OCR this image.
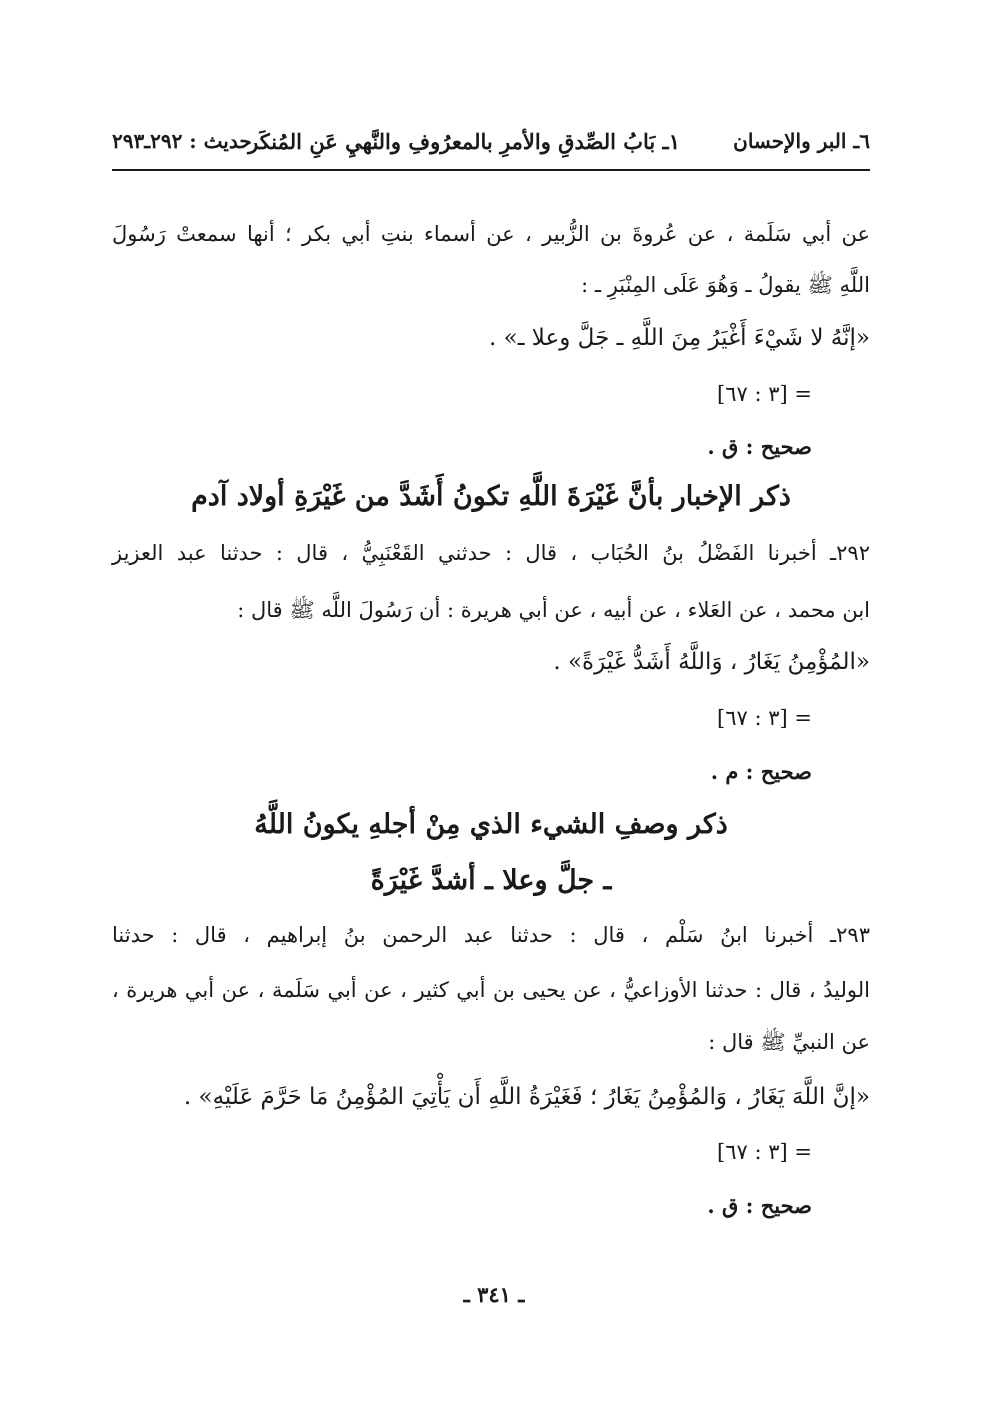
٦ـ البر والإحسان
١ـ بَابُ الصِّدقِ والأمرِ بالمعرُوفِ والنَّهيِ عَنِ المُنكَر
حديث : ٢٩٢ـ٢٩٣
عن أبي سَلَمة ، عن عُروةَ بن الزُّبير ، عن أسماء بنتِ أبي بكر ؛ أنها سمعتْ رَسُولَ
اللَّهِ ﷺ يقولُ ـ وَهُوَ عَلَى المِنْبَرِ ـ :
«إنَّهُ لا شَيْءَ أَغْيَرُ مِنَ اللَّهِ ـ جَلَّ وعلا ـ» .
= [٣ : ٦٧]
صحيح : ق .
ذكر الإخبار بأنَّ غَيْرَةَ اللَّهِ تكونُ أَشَدَّ من غَيْرَةِ أولاد آدم
٢٩٢ـ أخبرنا الفَضْلُ بنُ الحُبَاب ، قال : حدثني القَعْنَبِيُّ ، قال : حدثنا عبد العزيز
ابن محمد ، عن العَلاء ، عن أبيه ، عن أبي هريرة : أن رَسُولَ اللَّه ﷺ قال :
«المُؤْمِنُ يَغَارُ ، وَاللَّهُ أَشَدُّ غَيْرَةً» .
= [٣ : ٦٧]
صحيح : م .
ذكر وصفِ الشيء الذي مِنْ أجلهِ يكونُ اللَّهُ
ـ جلَّ وعلا ـ أشدَّ غَيْرَةً
٢٩٣ـ أخبرنا ابنُ سَلْم ، قال : حدثنا عبد الرحمن بنُ إبراهيم ، قال : حدثنا
الوليدُ ، قال : حدثنا الأوزاعيُّ ، عن يحيى بن أبي كثير ، عن أبي سَلَمة ، عن أبي هريرة ،
عن النبيِّ ﷺ قال :
«إنَّ اللَّهَ يَغَارُ ، وَالمُؤْمِنُ يَغَارُ ؛ فَغَيْرَةُ اللَّهِ أَن يَأْتِيَ المُؤْمِنُ مَا حَرَّمَ عَلَيْهِ» .
= [٣ : ٦٧]
صحيح : ق .
ـ ٣٤١ ـ
